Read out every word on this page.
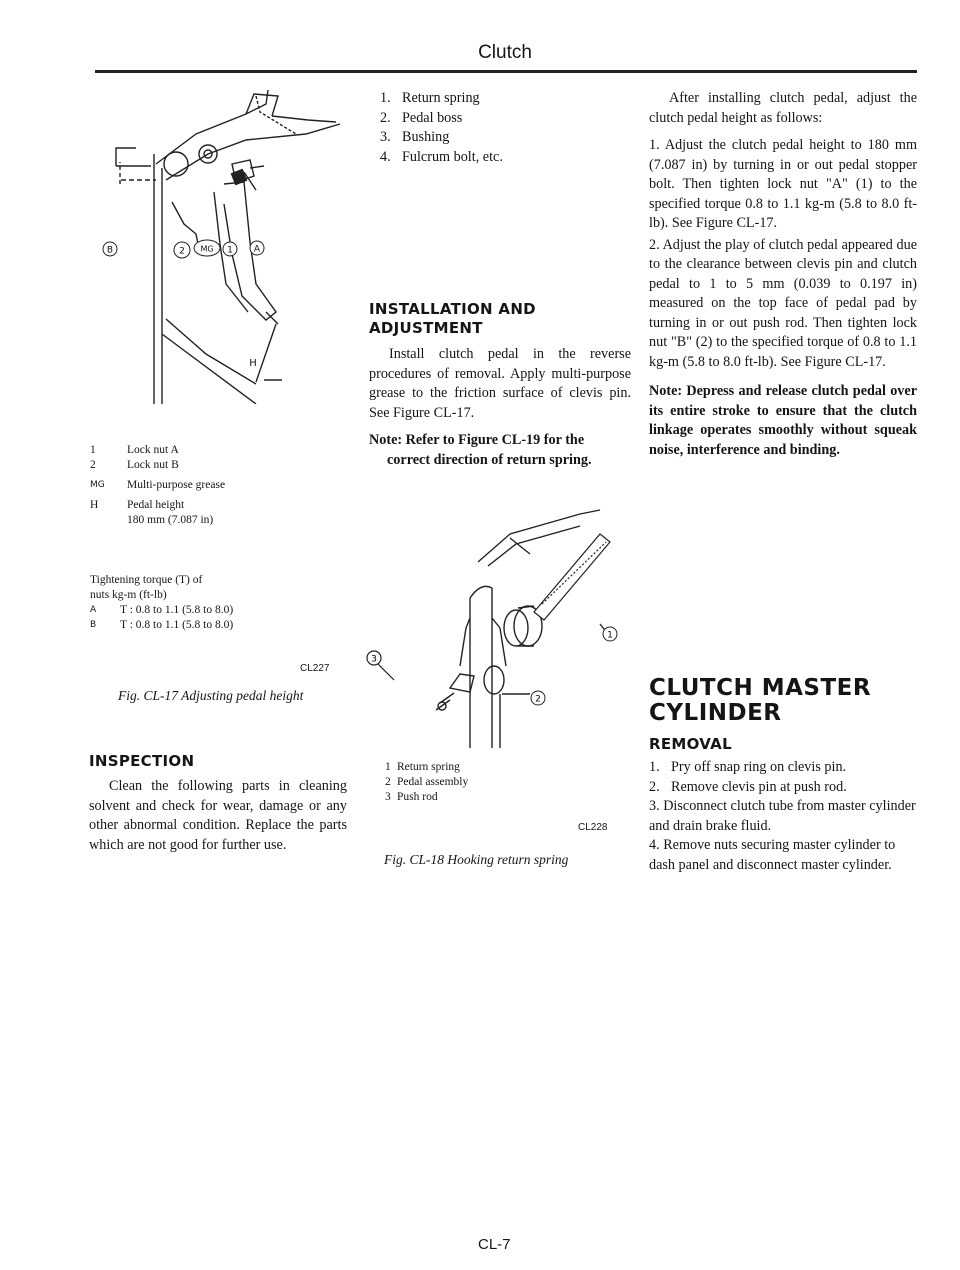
Clutch
B	2 MG 1 A
H
1	Lock nut A
2	Lock nut B
MG	Multi-purpose grease
H	Pedal height
180 mm (7.087 in)
Tightening torque (T) of
nuts kg-m (ft-lb)
A	T : 0.8 to 1.1 (5.8 to 8.0)
B	T : 0.8 to 1.1 (5.8 to 8.0)
CL227
Fig. CL-17 Adjusting pedal height
INSPECTION

Clean the following parts in cleaning solvent and check for wear, damage or any other abnormal condition. Replace the parts which are not good for further use.

1. Return spring
2. Pedal boss
3. Bushing
4. Fulcrum bolt, etc.
INSTALLATION AND
ADJUSTMENT

Install clutch pedal in the reverse procedures of removal. Apply multi-purpose grease to the friction surface of clevis pin. See Figure CL-17.

Note: Refer to Figure CL-19 for the

correct direction of return spring.

1
2
3
1 Return spring
2 Pedal assembly
3 Push rod
CL228
Fig. CL-18 Hooking return spring

After installing clutch pedal, adjust the clutch pedal height as follows:

1. Adjust the clutch pedal height to 180 mm (7.087 in) by turning in or out pedal stopper bolt. Then tighten lock nut "A" (1) to the specified torque 0.8 to 1.1 kg-m (5.8 to 8.0 ft-lb). See Figure CL-17.

2. Adjust the play of clutch pedal appeared due to the clearance between clevis pin and clutch pedal to 1 to 5 mm (0.039 to 0.197 in) measured on the top face of pedal pad by turning in or out push rod. Then tighten lock nut "B" (2) to the specified torque of 0.8 to 1.1 kg-m (5.8 to 8.0 ft-lb). See Figure CL-17.

Note: Depress and release clutch pedal over its entire stroke to ensure that the clutch linkage operates smoothly without squeak noise, interference and binding.

CLUTCH MASTER
CYLINDER
REMOVAL
1. Pry off snap ring on clevis pin.
2. Remove clevis pin at push rod.

3. Disconnect clutch tube from master cylinder and drain brake fluid.

4. Remove nuts securing master cylinder to dash panel and disconnect master cylinder.

CL-7
